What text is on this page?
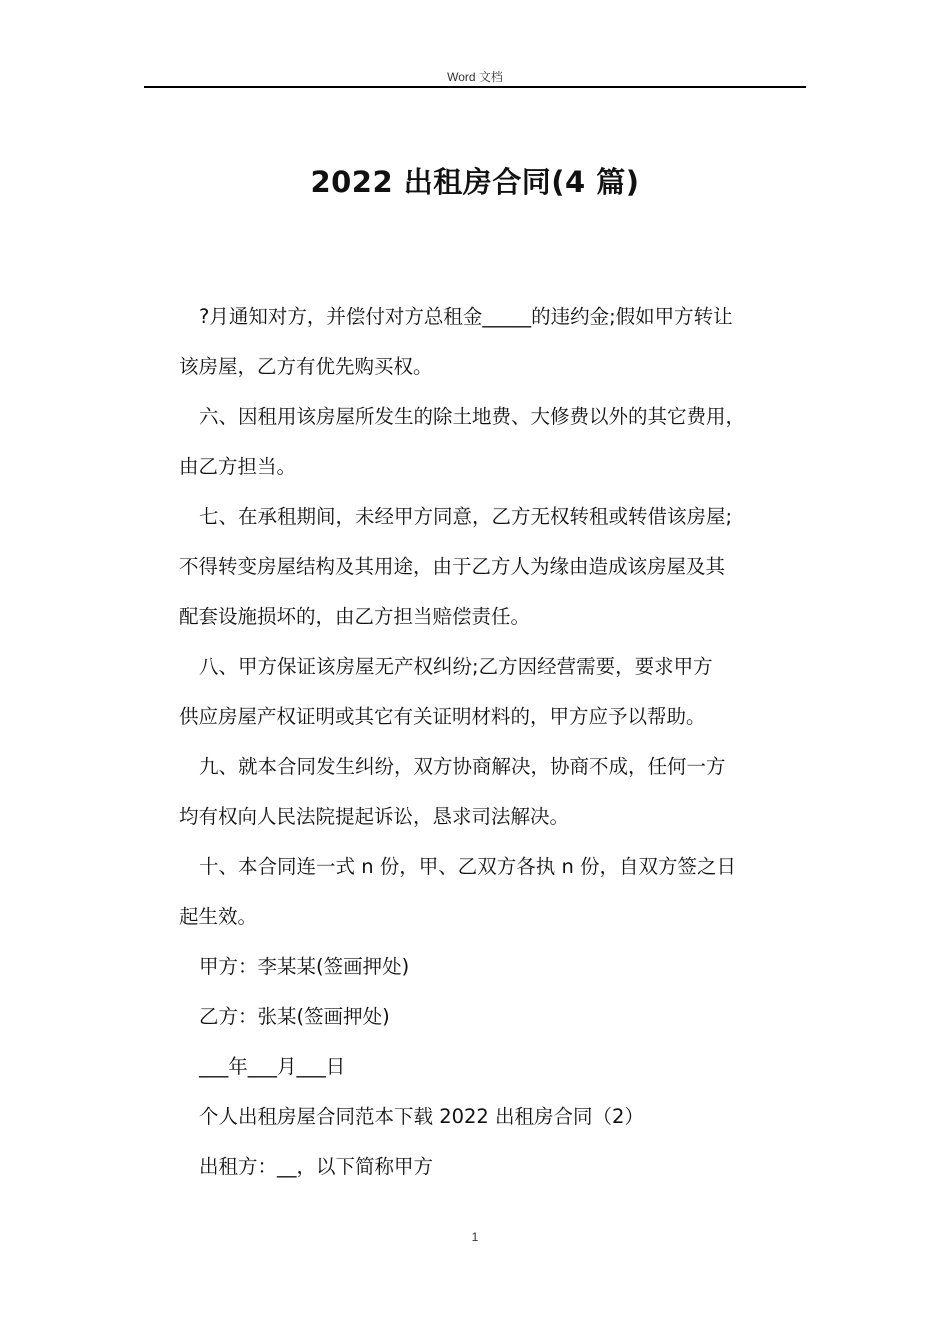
Word 文档
2022 出租房合同(4 篇)
?月通知对方，并偿付对方总租金_____的违约金;假如甲方转让
该房屋，乙方有优先购买权。
六、因租用该房屋所发生的除土地费、大修费以外的其它费用，
由乙方担当。
七、在承租期间，未经甲方同意，乙方无权转租或转借该房屋;
不得转变房屋结构及其用途，由于乙方人为缘由造成该房屋及其
配套设施损坏的，由乙方担当赔偿责任。
八、甲方保证该房屋无产权纠纷;乙方因经营需要，要求甲方
供应房屋产权证明或其它有关证明材料的，甲方应予以帮助。
九、就本合同发生纠纷，双方协商解决，协商不成，任何一方
均有权向人民法院提起诉讼，恳求司法解决。
十、本合同连一式 n 份，甲、乙双方各执 n 份，自双方签之日
起生效。
甲方：李某某(签画押处)
乙方：张某(签画押处)
___年___月___日
个人出租房屋合同范本下载 2022 出租房合同（2）
出租方：__，以下简称甲方
1
